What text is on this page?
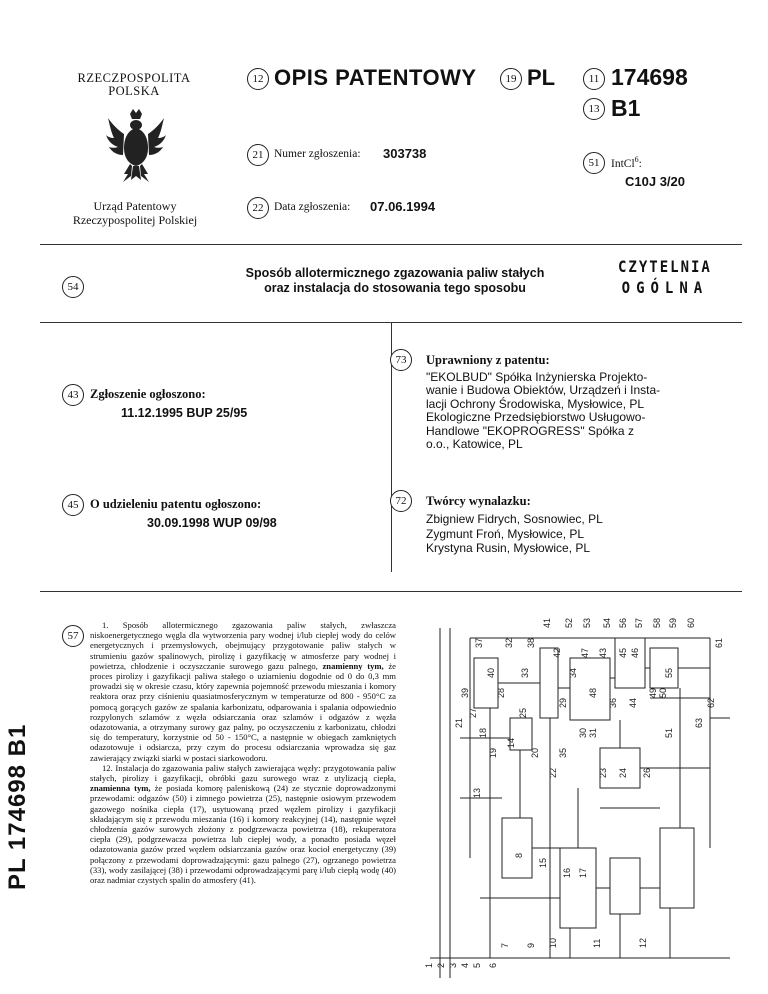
RZECZPOSPOLITA
POLSKA
Urząd Patentowy
Rzeczypospolitej Polskiej
12 OPIS PATENTOWY	19 PL	11 174698
13 B1
21 Numer zgłoszenia: 303738
51	IntCl$^6$:
C10J 3/20
22 Data zgłoszenia: 07.06.1994
54
Sposób allotermicznego zgazowania paliw stałych
oraz instalacja do stosowania tego sposobu
CZYTELNIA
OGÓLNA
43 Zgłoszenie ogłoszono:
11.12.1995 BUP 25/95
45 O udzieleniu patentu ogłoszono:
30.09.1998 WUP 09/98
73	Uprawniony z patentu:
"EKOLBUD" Spółka Inżynierska Projekto-
wanie i Budowa Obiektów, Urządzeń i Insta-
lacji Ochrony Środowiska, Mysłowice, PL
Ekologiczne Przedsiębiorstwo Usługowo-
Handlowe "EKOPROGRESS" Spółka z
o.o., Katowice, PL
72	Twórcy wynalazku:
Zbigniew Fidrych, Sosnowiec, PL
Zygmunt Froń, Mysłowice, PL
Krystyna Rusin, Mysłowice, PL
PL 174698 B1
57

1. Sposób allotermicznego zgazowania paliw stałych, zwłaszcza niskoenergetycznego węgla dla wytworzenia pary wodnej i/lub ciepłej wody do celów energetycznych i przemysłowych, obejmujący przygotowanie paliw stałych w strumieniu gazów spalinowych, pirolizę i gazyfikację w atmosferze pary wodnej i powietrza, chłodzenie i oczyszczanie surowego gazu palnego, znamienny tym, że proces pirolizy i gazyfikacji paliwa stałego o uziarnieniu dogodnie od 0 do 0,3 mm prowadzi się w okresie czasu, który zapewnia pojemność przewodu mieszania i komory reaktora oraz przy ciśnieniu quasiatmosferycznym w temperaturze od 800 - 950°C za pomocą gorących gazów ze spalania karbonizatu, odparowania i spalania odpowiednio rozpylonych szlamów z węzła odsiarczania oraz szlamów i odgazów z węzła odazotowania, a otrzymany surowy gaz palny, po oczyszczeniu z karbonizatu, chłodzi się do temperatury, korzystnie od 50 - 150°C, a następnie w obiegach zamkniętych odazotowuje i odsiarcza, przy czym do procesu odsiarczania wprowadza się gaz zawierający związki siarki w postaci siarkowodoru.

12. Instalacja do zgazowania paliw stałych zawierająca węzły: przygotowania paliw stałych, pirolizy i gazyfikacji, obróbki gazu surowego wraz z utylizacją ciepła, znamienna tym, że posiada komorę paleniskową (24) ze stycznie doprowadzonymi przewodami: odgazów (50) i zimnego powietrza (25), następnie osiowym przewodem gazowego nośnika ciepła (17), usytuowaną przed węzłem pirolizy i gazyfikacji składającym się z przewodu mieszania (16) i komory reakcyjnej (14), następnie węzeł chłodzenia gazów surowych złożony z podgrzewacza powietrza (18), rekuperatora ciepła (29), podgrzewacza powietrza lub ciepłej wody, a ponadto posiada węzeł odazotowania gazów przed węzłem odsiarczania gazów oraz kocioł energetyczny (39) połączony z przewodami doprowadzającymi: gazu palnego (27), ogrzanego powietrza (33), wody zasilającej (38) i przewodami odprowadzającymi parę i/lub ciepłą wodę (40) oraz nadmiar czystych spalin do atmosfery (41).

1 2 3 4 5 6
7
8
9 10	11	12
13
14
15
16 17
18
19	20
21
22	23 24
25
26
27
28
29
30 31
32
33	34
35
36
37	38
39
40
41
42	43
44
45 46
47
48	49 50
51
52 53 54
55
56 57 58 59 60
61
62
63
